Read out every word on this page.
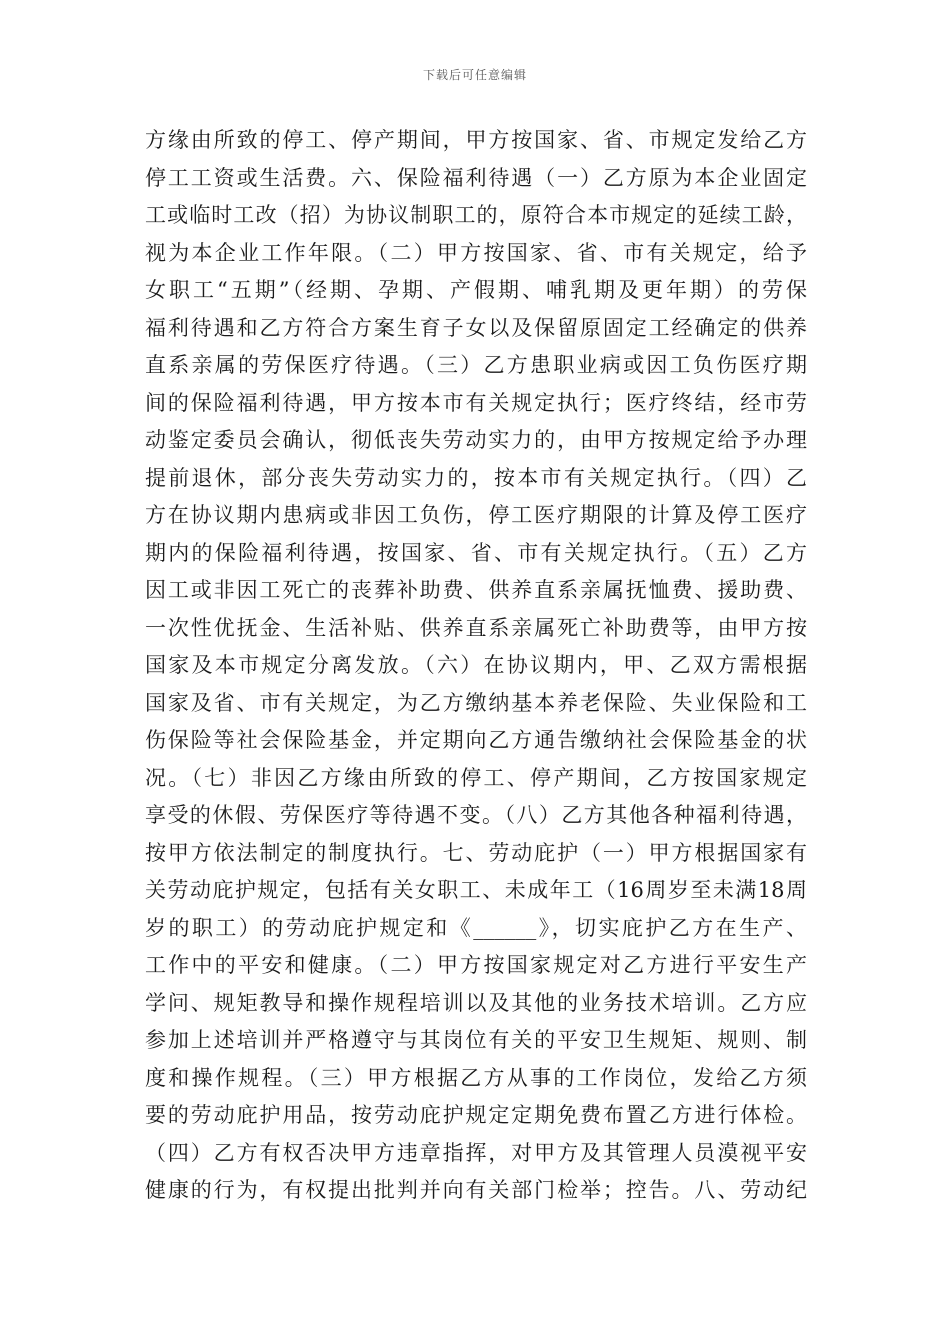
下载后可任意编辑
方缘由所致的停工、停产期间，甲方按国家、省、市规定发给乙方
停工工资或生活费。六、保险福利待遇（一）乙方原为本企业固定
工或临时工改（招）为协议制职工的，原符合本市规定的延续工龄，
视为本企业工作年限。（二）甲方按国家、省、市有关规定，给予
女职工“五期”（经期、孕期、产假期、哺乳期及更年期）的劳保
福利待遇和乙方符合方案生育子女以及保留原固定工经确定的供养
直系亲属的劳保医疗待遇。（三）乙方患职业病或因工负伤医疗期
间的保险福利待遇，甲方按本市有关规定执行；医疗终结，经市劳
动鉴定委员会确认，彻低丧失劳动实力的，由甲方按规定给予办理
提前退休，部分丧失劳动实力的，按本市有关规定执行。（四）乙
方在协议期内患病或非因工负伤，停工医疗期限的计算及停工医疗
期内的保险福利待遇，按国家、省、市有关规定执行。（五）乙方
因工或非因工死亡的丧葬补助费、供养直系亲属抚恤费、援助费、
一次性优抚金、生活补贴、供养直系亲属死亡补助费等，由甲方按
国家及本市规定分离发放。（六）在协议期内，甲、乙双方需根据
国家及省、市有关规定，为乙方缴纳基本养老保险、失业保险和工
伤保险等社会保险基金，并定期向乙方通告缴纳社会保险基金的状
况。（七）非因乙方缘由所致的停工、停产期间，乙方按国家规定
享受的休假、劳保医疗等待遇不变。（八）乙方其他各种福利待遇，
按甲方依法制定的制度执行。七、劳动庇护（一）甲方根据国家有
关劳动庇护规定，包括有关女职工、未成年工（16周岁至未满18周
岁的职工）的劳动庇护规定和《______》，切实庇护乙方在生产、
工作中的平安和健康。（二）甲方按国家规定对乙方进行平安生产
学问、规矩教导和操作规程培训以及其他的业务技术培训。乙方应
参加上述培训并严格遵守与其岗位有关的平安卫生规矩、规则、制
度和操作规程。（三）甲方根据乙方从事的工作岗位，发给乙方须
要的劳动庇护用品，按劳动庇护规定定期免费布置乙方进行体检。
（四）乙方有权否决甲方违章指挥，对甲方及其管理人员漠视平安
健康的行为，有权提出批判并向有关部门检举；控告。八、劳动纪
